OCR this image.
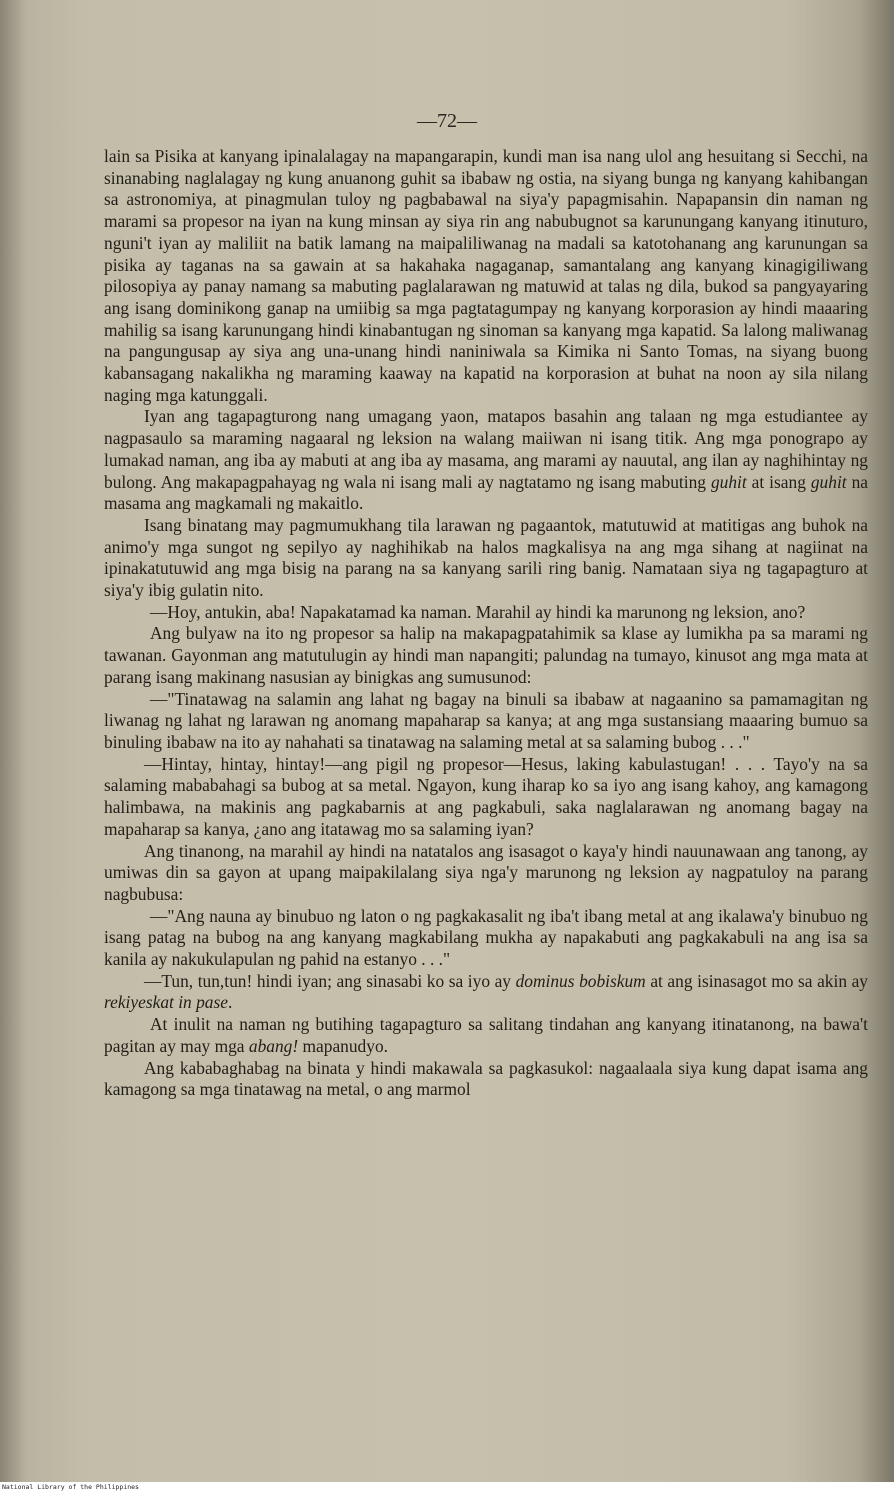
—72—

lain sa Pisika at kanyang ipinalalagay na mapangarapin, kundi man isa nang ulol ang hesuitang si Secchi, na sinanabing naglalagay ng kung anuanong guhit sa ibabaw ng ostia, na siyang bunga ng kanyang kahibangan sa astronomiya, at pinagmulan tuloy ng pagbabawal na siya'y papagmisahin. Napapansin din naman ng marami sa propesor na iyan na kung minsan ay siya rin ang nabubugnot sa karunungang kanyang itinuturo, nguni't iyan ay maliliit na batik lamang na maipaliliwanag na madali sa katotohanang ang karunungan sa pisika ay taganas na sa gawain at sa hakahaka nagaganap, samantalang ang kanyang kinagigiliwang pilosopiya ay panay namang sa mabuting paglalarawan ng matuwid at talas ng dila, bukod sa pangyayaring ang isang dominikong ganap na umiibig sa mga pagtatagumpay ng kanyang korporasion ay hindi maaaring mahilig sa isang karunungang hindi kinabantugan ng sinoman sa kanyang mga kapatid. Sa lalong maliwanag na pangungusap ay siya ang una-unang hindi naniniwala sa Kimika ni Santo Tomas, na siyang buong kabansagang nakalikha ng maraming kaaway na kapatid na korporasion at buhat na noon ay sila nilang naging mga katunggali.

Iyan ang tagapagturong nang umagang yaon, matapos basahin ang talaan ng mga estudiantee ay nagpasaulo sa maraming nagaaral ng leksion na walang maiiwan ni isang titik. Ang mga ponograpo ay lumakad naman, ang iba ay mabuti at ang iba ay masama, ang marami ay nauutal, ang ilan ay naghihintay ng bulong. Ang makapagpahayag ng wala ni isang mali ay nagtatamo ng isang mabuting guhit at isang guhit na masama ang magkamali ng makaitlo.

Isang binatang may pagmumukhang tila larawan ng pagaantok, matutuwid at matitigas ang buhok na animo'y mga sungot ng sepilyo ay naghihikab na halos magkalisya na ang mga sihang at nagiinat na ipinakatutuwid ang mga bisig na parang na sa kanyang sarili ring banig. Namataan siya ng tagapagturo at siya'y ibig gulatin nito.

—Hoy, antukin, aba! Napakatamad ka naman. Marahil ay hindi ka marunong ng leksion, ano?

Ang bulyaw na ito ng propesor sa halip na makapagpatahimik sa klase ay lumikha pa sa marami ng tawanan. Gayonman ang matutulugin ay hindi man napangiti; palundag na tumayo, kinusot ang mga mata at parang isang makinang nasusian ay binigkas ang sumusunod:

—"Tinatawag na salamin ang lahat ng bagay na binuli sa ibabaw at nagaanino sa pamamagitan ng liwanag ng lahat ng larawan ng anomang mapaharap sa kanya; at ang mga sustansiang maaaring bumuo sa binuling ibabaw na ito ay nahahati sa tinatawag na salaming metal at sa salaming bubog . . ."

—Hintay, hintay, hintay!—ang pigil ng propesor—Hesus, laking kabulastugan! . . . Tayo'y na sa salaming mababahagi sa bubog at sa metal. Ngayon, kung iharap ko sa iyo ang isang kahoy, ang kamagong halimbawa, na makinis ang pagkabarnis at ang pagkabuli, saka naglalarawan ng anomang bagay na mapaharap sa kanya, ¿ano ang itatawag mo sa salaming iyan?

Ang tinanong, na marahil ay hindi na natatalos ang isasagot o kaya'y hindi nauunawaan ang tanong, ay umiwas din sa gayon at upang maipakilalang siya nga'y marunong ng leksion ay nagpatuloy na parang nagbubusa:

—"Ang nauna ay binubuo ng laton o ng pagkakasalit ng iba't ibang metal at ang ikalawa'y binubuo ng isang patag na bubog na ang kanyang magkabilang mukha ay napakabuti ang pagkakabuli na ang isa sa kanila ay nakukulapulan ng pahid na estanyo . . ."

—Tun, tun,tun! hindi iyan; ang sinasabi ko sa iyo ay dominus bobiskum at ang isinasagot mo sa akin ay rekiyeskat in pase.

At inulit na naman ng butihing tagapagturo sa salitang tindahan ang kanyang itinatanong, na bawa't pagitan ay may mga abang! mapanudyo.

Ang kababaghabag na binata y hindi makawala sa pagkasukol: nagaalaala siya kung dapat isama ang kamagong sa mga tinatawag na metal, o ang marmol

National Library of the Philippines
